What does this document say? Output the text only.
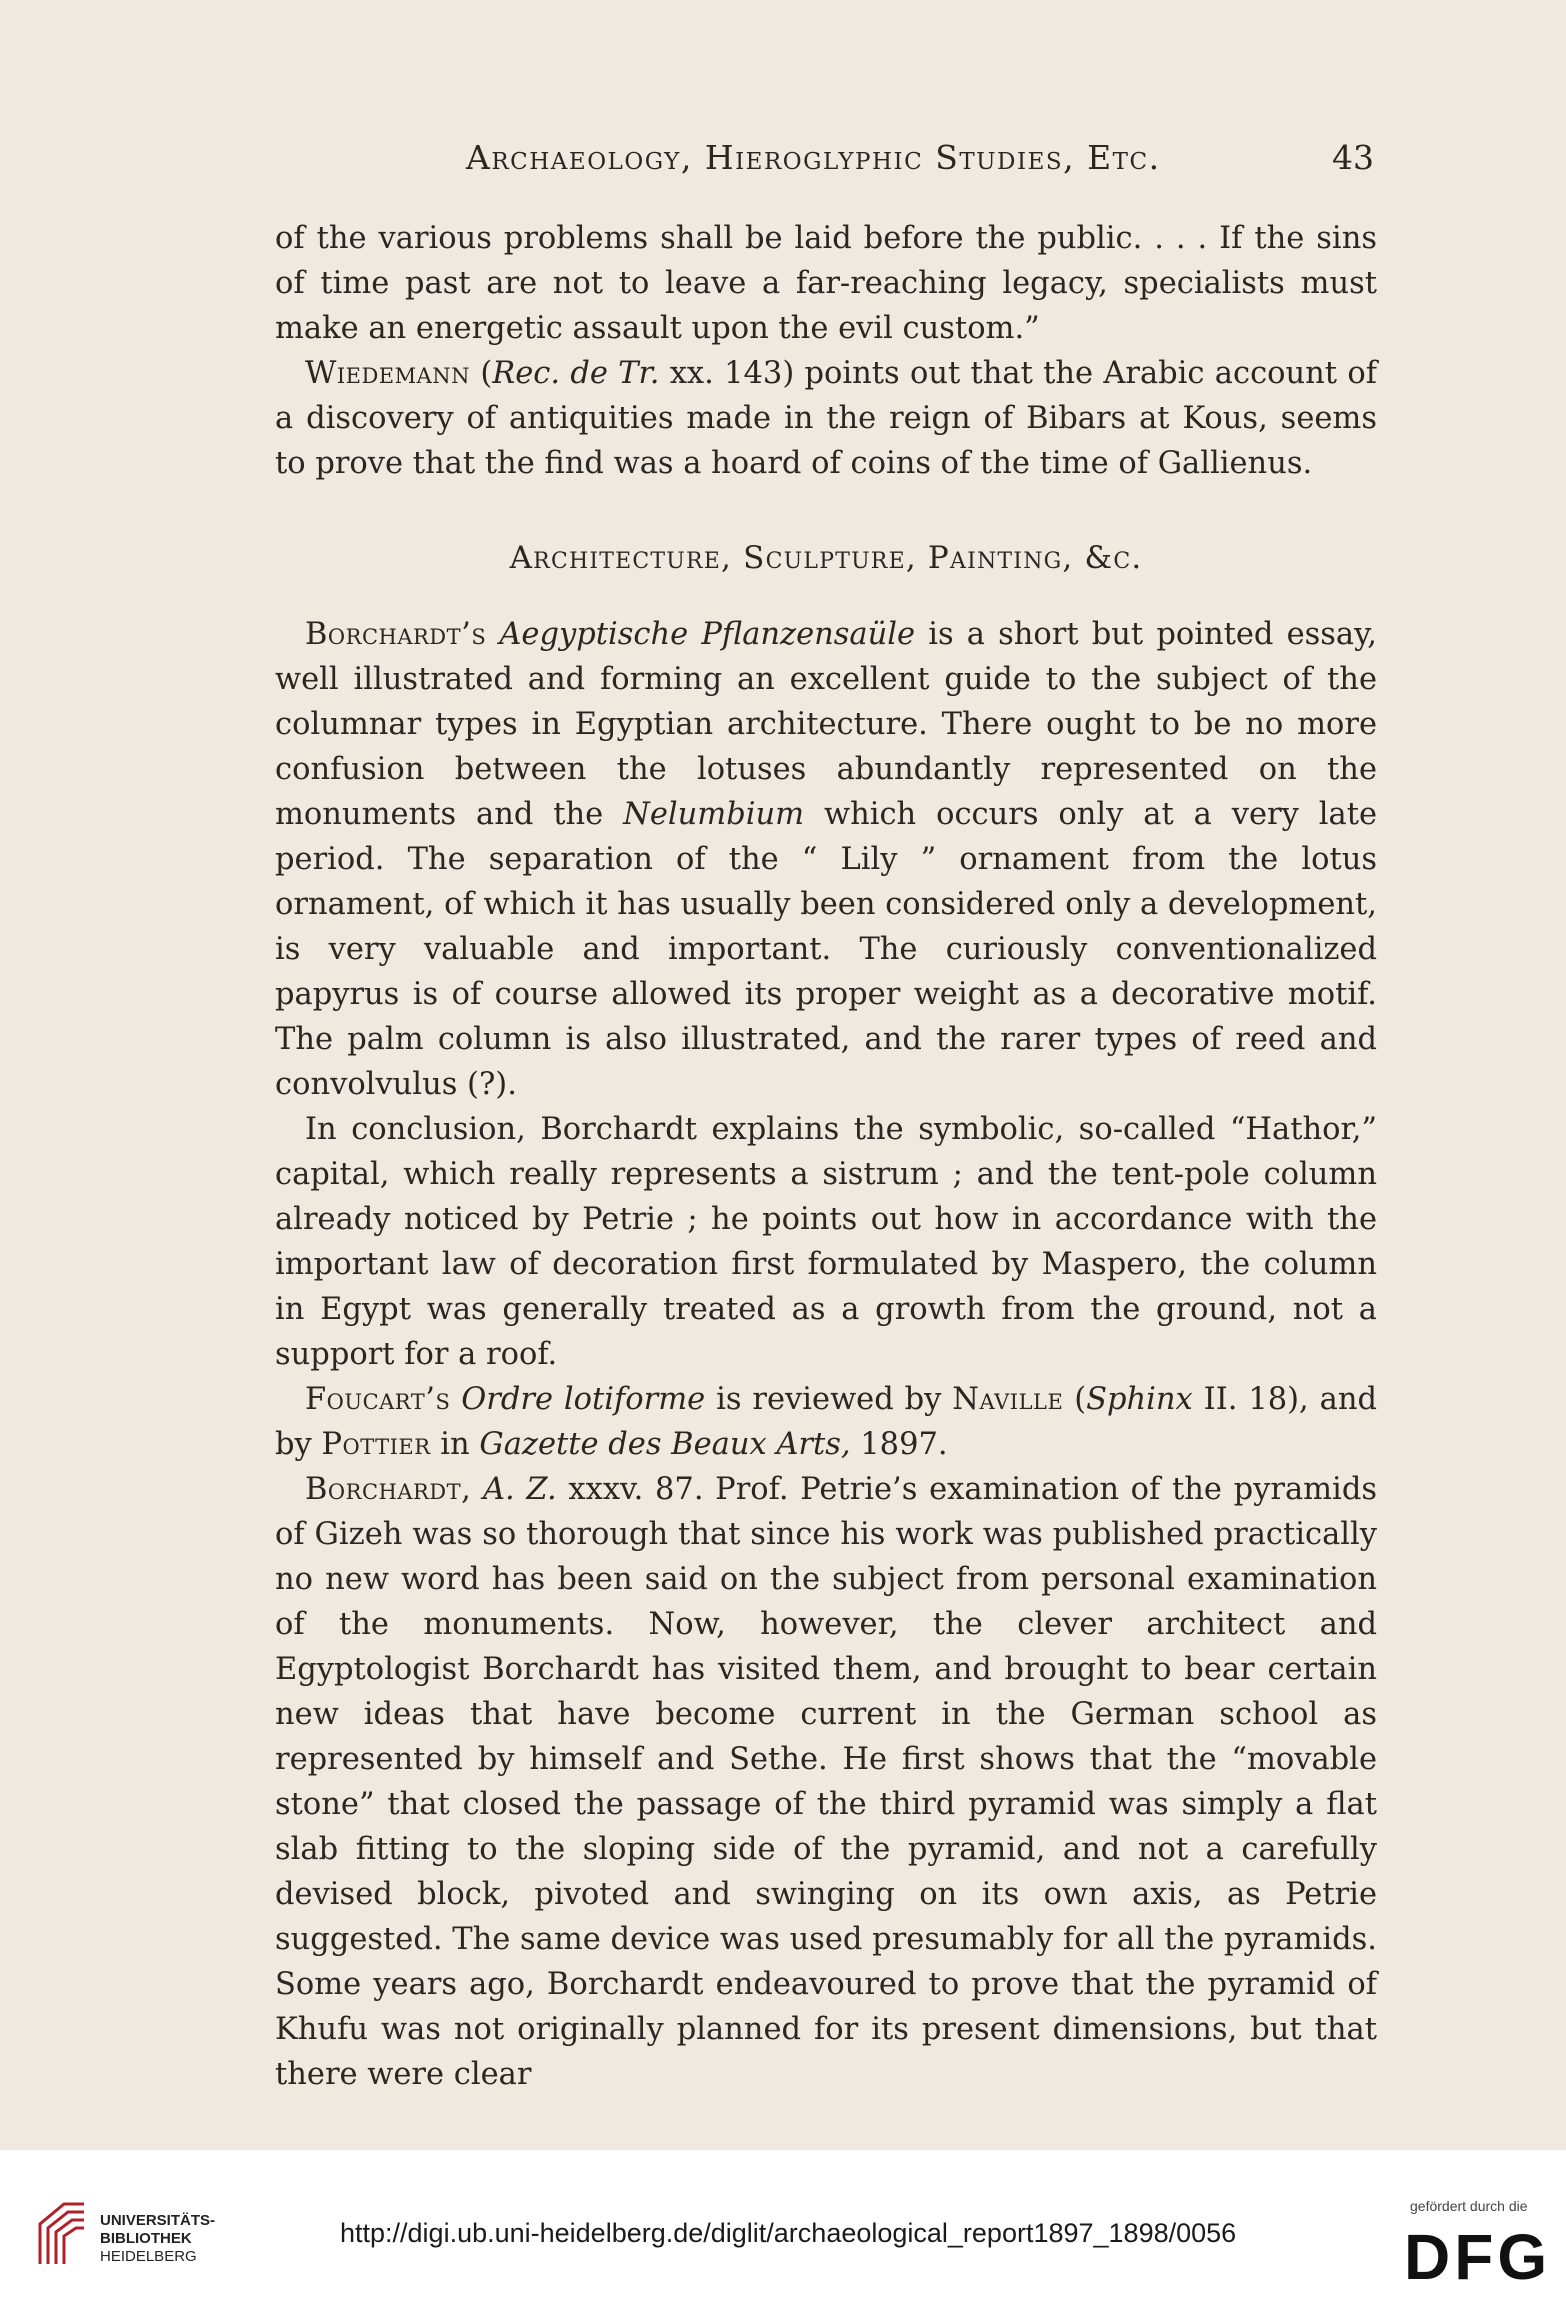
Archaeology, Hieroglyphic Studies, Etc.	43

of the various problems shall be laid before the public. . . . If the sins of time past are not to leave a far-reaching legacy, specialists must make an energetic assault upon the evil custom.”

Wiedemann (Rec. de Tr. xx. 143) points out that the Arabic account of a discovery of antiquities made in the reign of Bibars at Kous, seems to prove that the find was a hoard of coins of the time of Gallienus.

Architecture, Sculpture, Painting, &c.

Borchardt’s Aegyptische Pflanzensaüle is a short but pointed essay, well illustrated and forming an excellent guide to the subject of the columnar types in Egyptian architecture. There ought to be no more confusion between the lotuses abundantly represented on the monuments and the Nelumbium which occurs only at a very late period. The separation of the “ Lily ” ornament from the lotus ornament, of which it has usually been considered only a development, is very valuable and important. The curiously conventionalized papyrus is of course allowed its proper weight as a decorative motif. The palm column is also illustrated, and the rarer types of reed and convolvulus (?).

In conclusion, Borchardt explains the symbolic, so-called “Hathor,” capital, which really represents a sistrum ; and the tent-pole column already noticed by Petrie ; he points out how in accordance with the important law of decoration first formulated by Maspero, the column in Egypt was generally treated as a growth from the ground, not a support for a roof.

Foucart’s Ordre lotiforme is reviewed by Naville (Sphinx II. 18), and by Pottier in Gazette des Beaux Arts, 1897.

Borchardt, A. Z. xxxv. 87. Prof. Petrie’s examination of the pyramids of Gizeh was so thorough that since his work was published practically no new word has been said on the subject from personal examination of the monuments. Now, however, the clever architect and Egyptologist Borchardt has visited them, and brought to bear certain new ideas that have become current in the German school as represented by himself and Sethe. He first shows that the “movable stone” that closed the passage of the third pyramid was simply a flat slab fitting to the sloping side of the pyramid, and not a carefully devised block, pivoted and swinging on its own axis, as Petrie suggested. The same device was used presumably for all the pyramids. Some years ago, Borchardt endeavoured to prove that the pyramid of Khufu was not originally planned for its present dimensions, but that there were clear

UNIVERSITÄTS-
BIBLIOTHEK
HEIDELBERG
http://digi.ub.uni-heidelberg.de/diglit/archaeological_report1897_1898/0056
gefördert durch die
DFG
